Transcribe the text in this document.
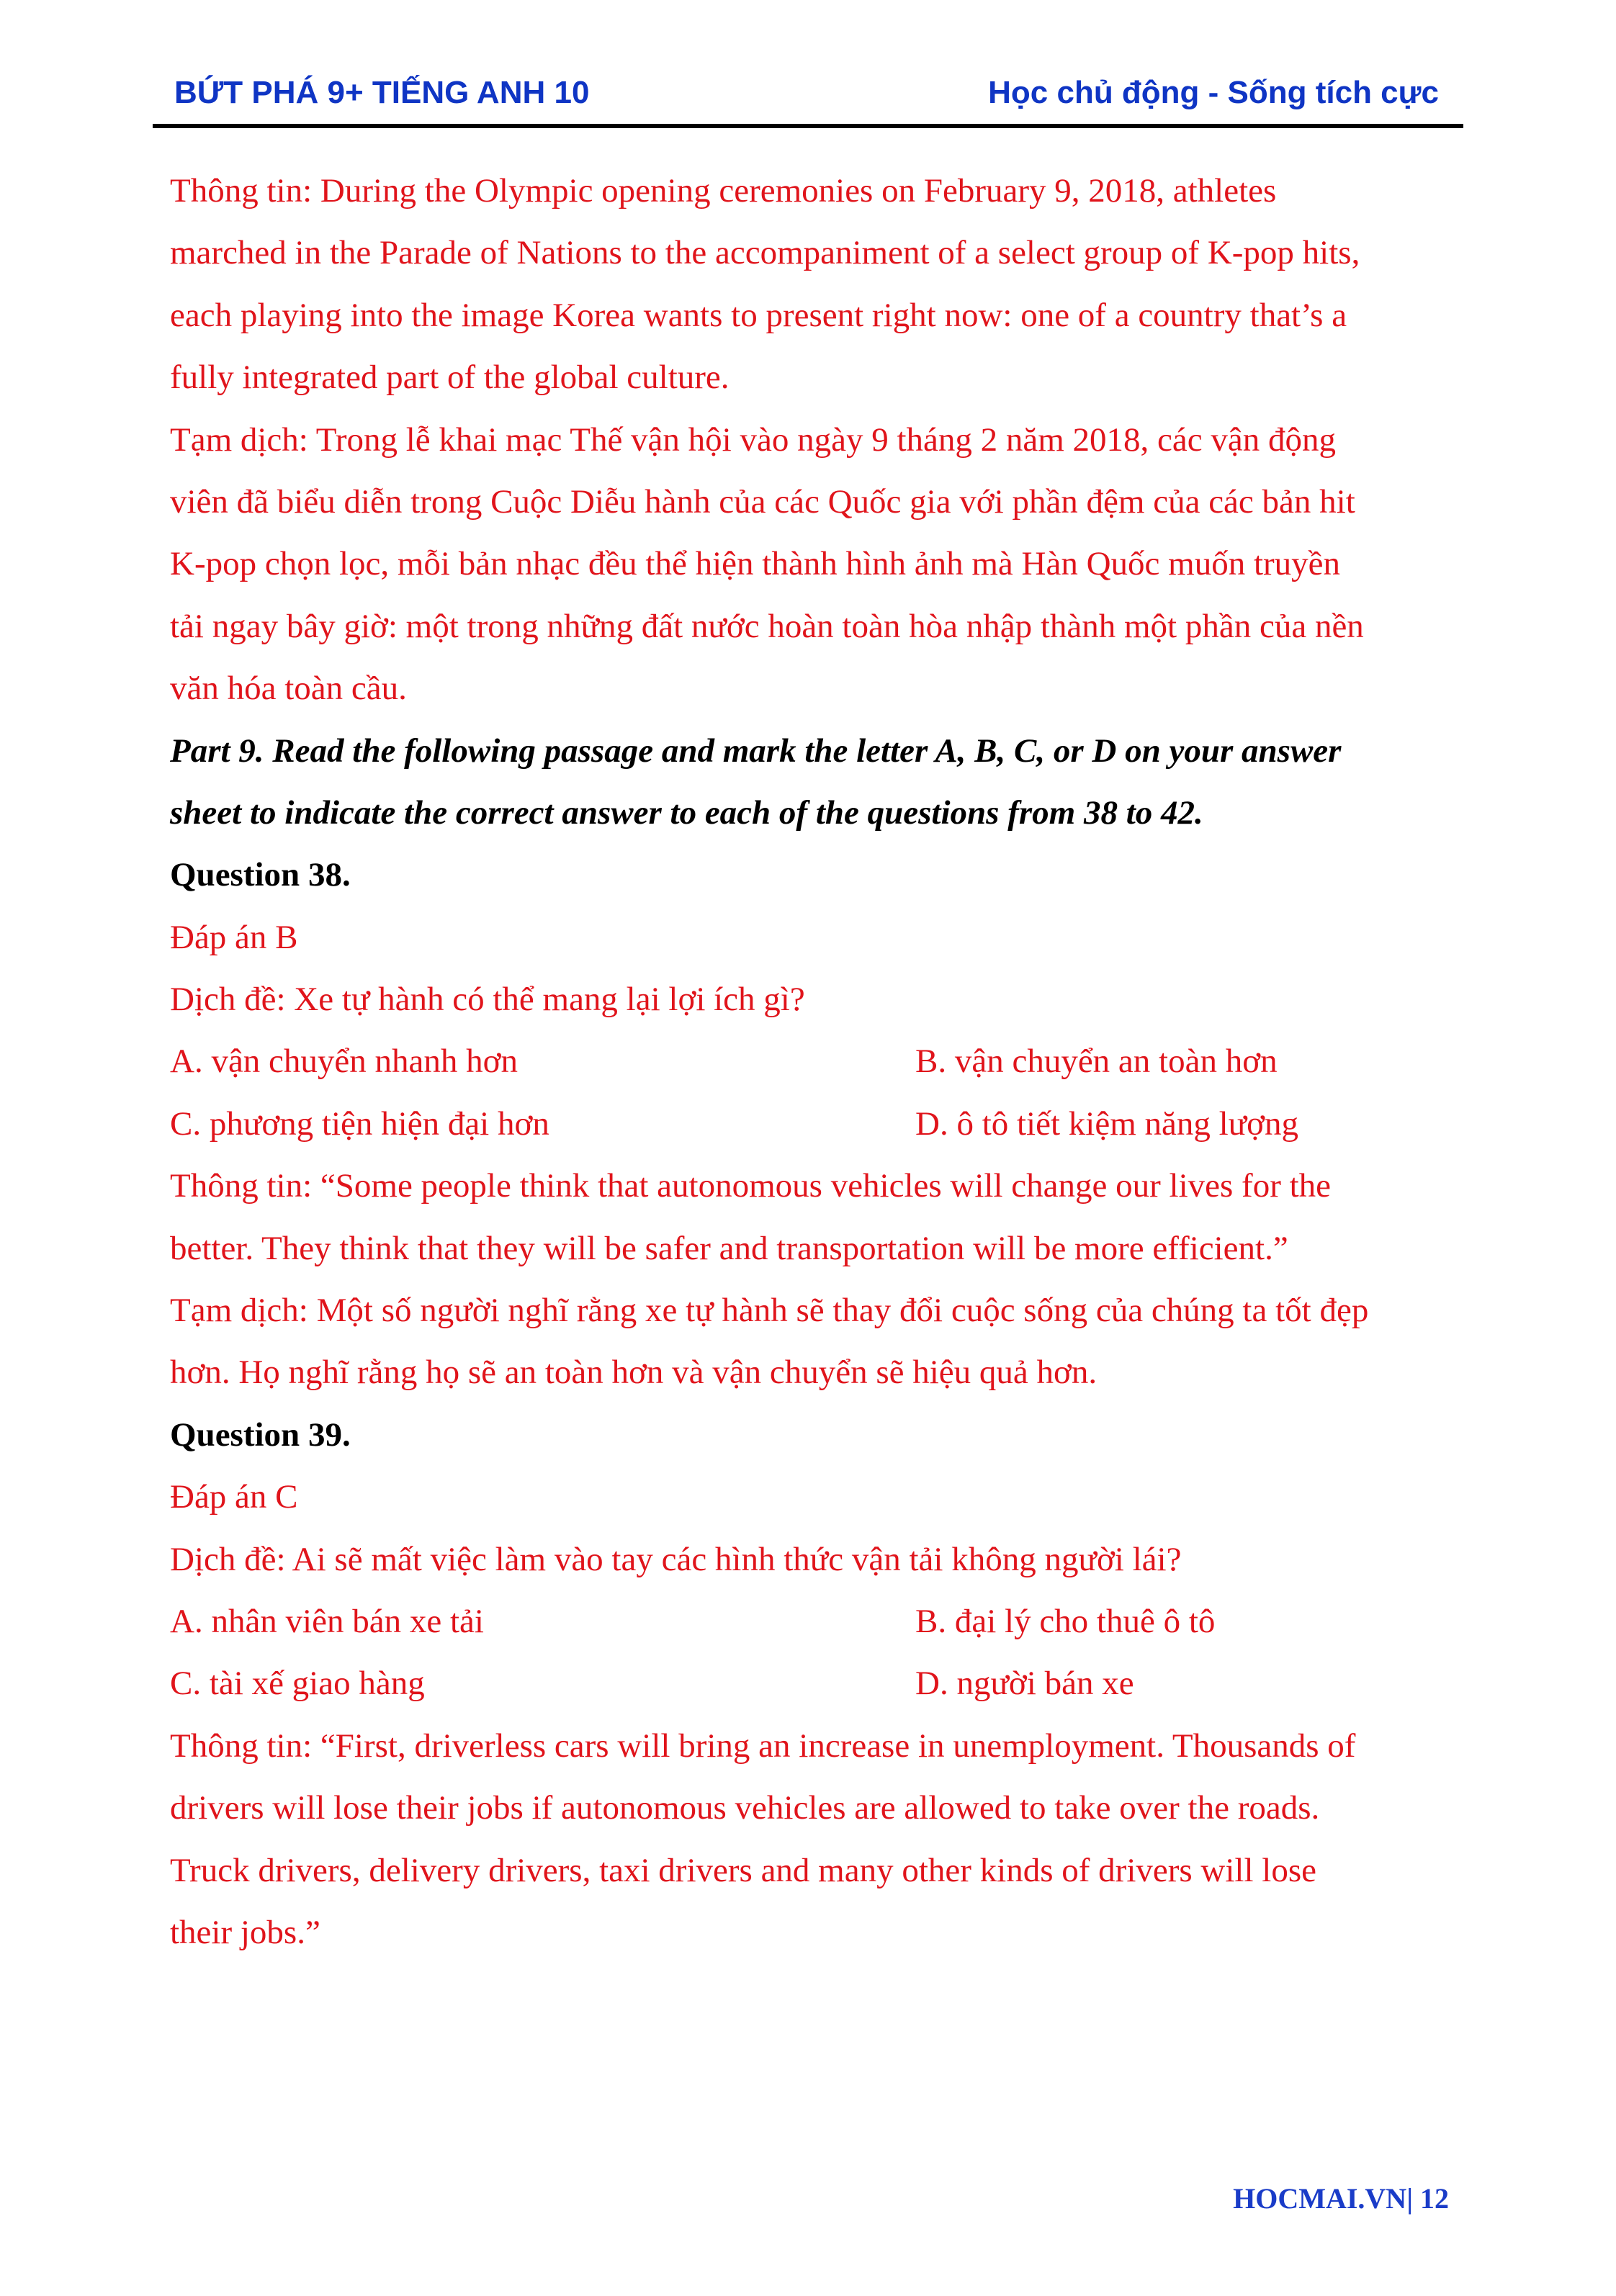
BỨT PHÁ 9+ TIẾNG ANH 10	Học chủ động - Sống tích cực
Thông tin: During the Olympic opening ceremonies on February 9, 2018, athletes
marched in the Parade of Nations to the accompaniment of a select group of K-pop hits,
each playing into the image Korea wants to present right now: one of a country that’s a
fully integrated part of the global culture.
Tạm dịch: Trong lễ khai mạc Thế vận hội vào ngày 9 tháng 2 năm 2018, các vận động
viên đã biểu diễn trong Cuộc Diễu hành của các Quốc gia với phần đệm của các bản hit
K-pop chọn lọc, mỗi bản nhạc đều thể hiện thành hình ảnh mà Hàn Quốc muốn truyền
tải ngay bây giờ: một trong những đất nước hoàn toàn hòa nhập thành một phần của nền
văn hóa toàn cầu.
Part 9. Read the following passage and mark the letter A, B, C, or D on your answer
sheet to indicate the correct answer to each of the questions from 38 to 42.
Question 38.
Đáp án B
Dịch đề: Xe tự hành có thể mang lại lợi ích gì?
A. vận chuyển nhanh hơn	B. vận chuyển an toàn hơn
C. phương tiện hiện đại hơn	D. ô tô tiết kiệm năng lượng
Thông tin: “Some people think that autonomous vehicles will change our lives for the
better. They think that they will be safer and transportation will be more efficient.”
Tạm dịch: Một số người nghĩ rằng xe tự hành sẽ thay đổi cuộc sống của chúng ta tốt đẹp
hơn. Họ nghĩ rằng họ sẽ an toàn hơn và vận chuyển sẽ hiệu quả hơn.
Question 39.
Đáp án C
Dịch đề: Ai sẽ mất việc làm vào tay các hình thức vận tải không người lái?
A. nhân viên bán xe tải	B. đại lý cho thuê ô tô
C. tài xế giao hàng	D. người bán xe
Thông tin: “First, driverless cars will bring an increase in unemployment. Thousands of
drivers will lose their jobs if autonomous vehicles are allowed to take over the roads.
Truck drivers, delivery drivers, taxi drivers and many other kinds of drivers will lose
their jobs.”
HOCMAI.VN| 12
